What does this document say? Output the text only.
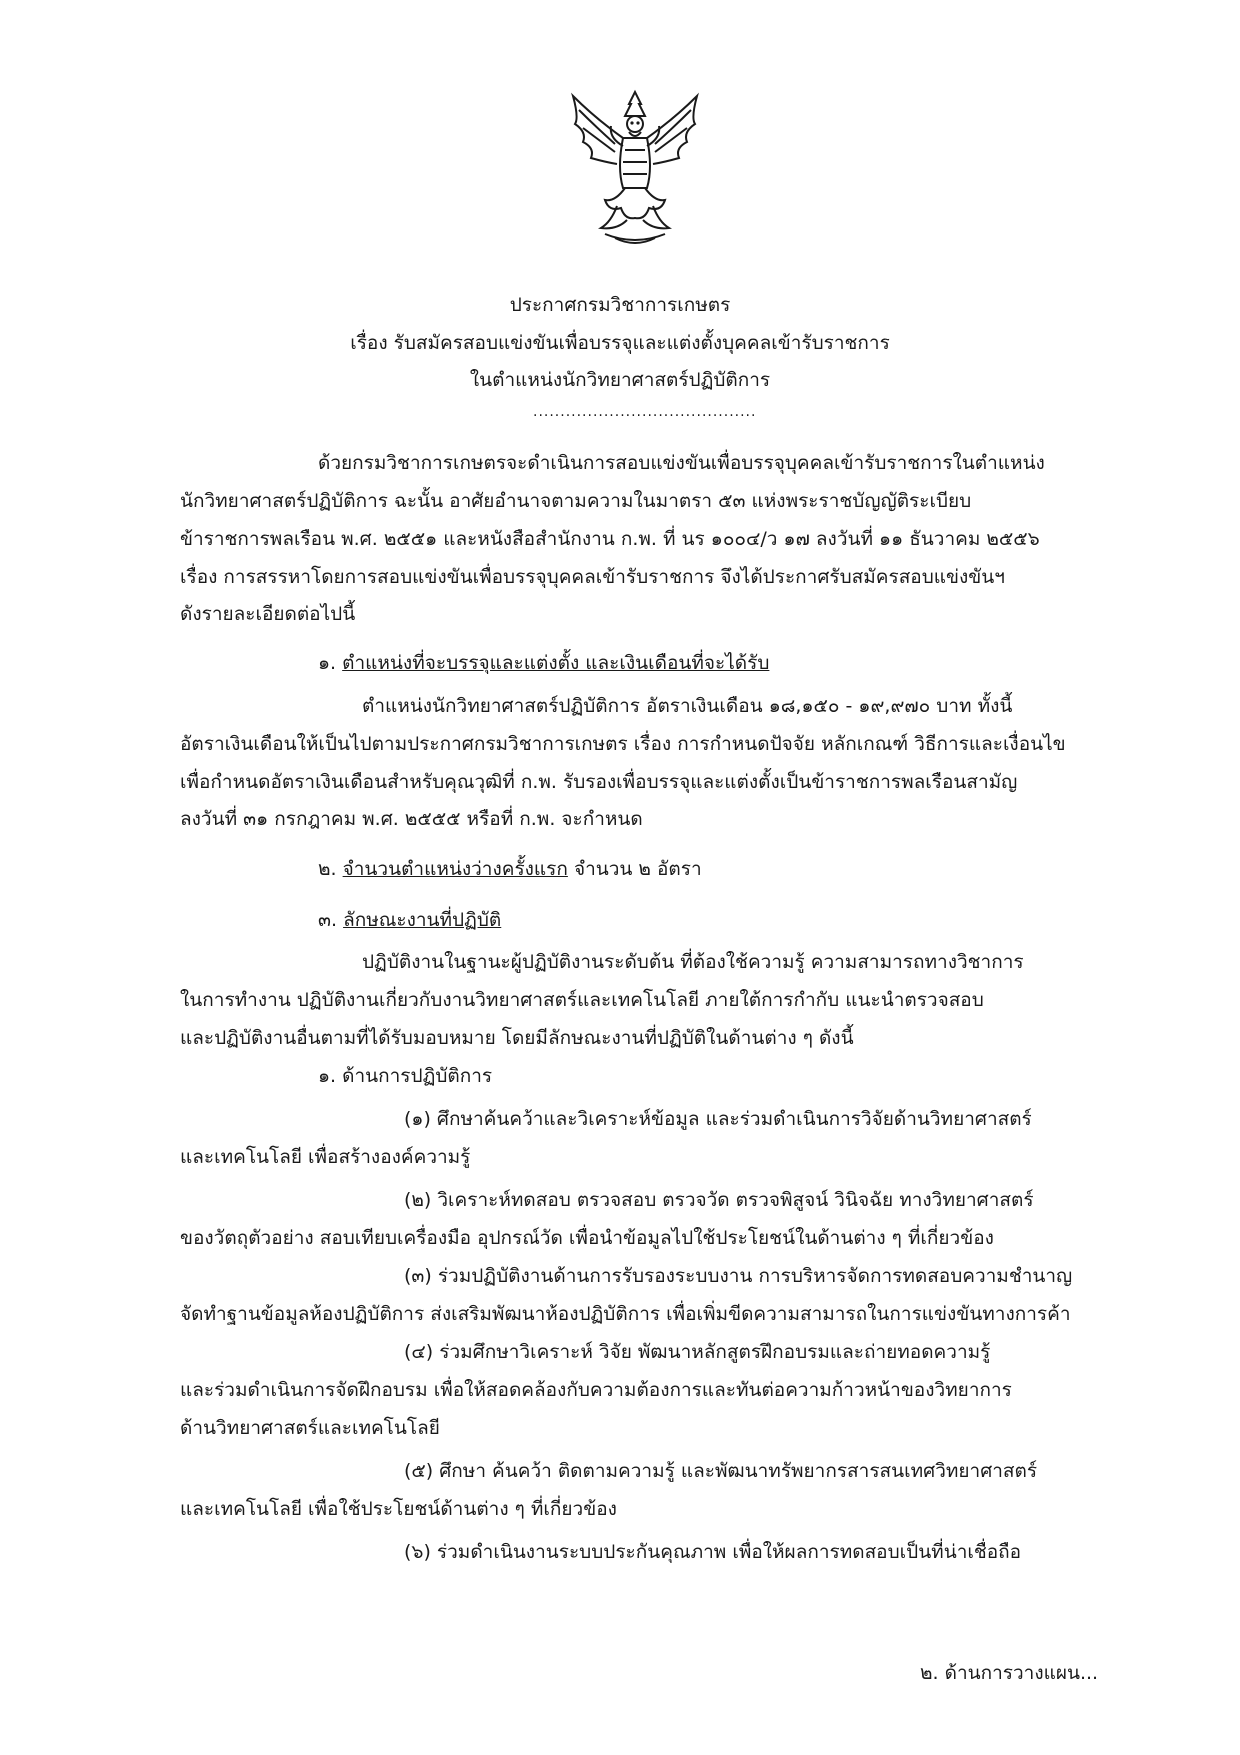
ประกาศกรมวิชาการเกษตร
เรื่อง รับสมัครสอบแข่งขันเพื่อบรรจุและแต่งตั้งบุคคลเข้ารับราชการ
ในตำแหน่งนักวิทยาศาสตร์ปฏิบัติการ
.........................................
ด้วยกรมวิชาการเกษตรจะดำเนินการสอบแข่งขันเพื่อบรรจุบุคคลเข้ารับราชการในตำแหน่ง
นักวิทยาศาสตร์ปฏิบัติการ ฉะนั้น อาศัยอำนาจตามความในมาตรา ๕๓ แห่งพระราชบัญญัติระเบียบ
ข้าราชการพลเรือน พ.ศ. ๒๕๕๑ และหนังสือสำนักงาน ก.พ. ที่ นร ๑๐๐๔/ว ๑๗ ลงวันที่ ๑๑ ธันวาคม ๒๕๕๖
เรื่อง การสรรหาโดยการสอบแข่งขันเพื่อบรรจุบุคคลเข้ารับราชการ จึงได้ประกาศรับสมัครสอบแข่งขันฯ
ดังรายละเอียดต่อไปนี้
๑. ตำแหน่งที่จะบรรจุและแต่งตั้ง และเงินเดือนที่จะได้รับ
ตำแหน่งนักวิทยาศาสตร์ปฏิบัติการ อัตราเงินเดือน ๑๘,๑๕๐ - ๑๙,๙๗๐ บาท ทั้งนี้
อัตราเงินเดือนให้เป็นไปตามประกาศกรมวิชาการเกษตร เรื่อง การกำหนดปัจจัย หลักเกณฑ์ วิธีการและเงื่อนไข
เพื่อกำหนดอัตราเงินเดือนสำหรับคุณวุฒิที่ ก.พ. รับรองเพื่อบรรจุและแต่งตั้งเป็นข้าราชการพลเรือนสามัญ
ลงวันที่ ๓๑ กรกฎาคม พ.ศ. ๒๕๕๕ หรือที่ ก.พ. จะกำหนด
๒. จำนวนตำแหน่งว่างครั้งแรก จำนวน ๒ อัตรา
๓. ลักษณะงานที่ปฏิบัติ
ปฏิบัติงานในฐานะผู้ปฏิบัติงานระดับต้น ที่ต้องใช้ความรู้ ความสามารถทางวิชาการ
ในการทำงาน ปฏิบัติงานเกี่ยวกับงานวิทยาศาสตร์และเทคโนโลยี ภายใต้การกำกับ แนะนำตรวจสอบ
และปฏิบัติงานอื่นตามที่ได้รับมอบหมาย โดยมีลักษณะงานที่ปฏิบัติในด้านต่าง ๆ ดังนี้
๑. ด้านการปฏิบัติการ
(๑) ศึกษาค้นคว้าและวิเคราะห์ข้อมูล และร่วมดำเนินการวิจัยด้านวิทยาศาสตร์
และเทคโนโลยี เพื่อสร้างองค์ความรู้
(๒) วิเคราะห์ทดสอบ ตรวจสอบ ตรวจวัด ตรวจพิสูจน์ วินิจฉัย ทางวิทยาศาสตร์
ของวัตถุตัวอย่าง สอบเทียบเครื่องมือ อุปกรณ์วัด เพื่อนำข้อมูลไปใช้ประโยชน์ในด้านต่าง ๆ ที่เกี่ยวข้อง
(๓) ร่วมปฏิบัติงานด้านการรับรองระบบงาน การบริหารจัดการทดสอบความชำนาญ
จัดทำฐานข้อมูลห้องปฏิบัติการ ส่งเสริมพัฒนาห้องปฏิบัติการ เพื่อเพิ่มขีดความสามารถในการแข่งขันทางการค้า
(๔) ร่วมศึกษาวิเคราะห์ วิจัย พัฒนาหลักสูตรฝึกอบรมและถ่ายทอดความรู้
และร่วมดำเนินการจัดฝึกอบรม เพื่อให้สอดคล้องกับความต้องการและทันต่อความก้าวหน้าของวิทยาการ
ด้านวิทยาศาสตร์และเทคโนโลยี
(๕) ศึกษา ค้นคว้า ติดตามความรู้ และพัฒนาทรัพยากรสารสนเทศวิทยาศาสตร์
และเทคโนโลยี เพื่อใช้ประโยชน์ด้านต่าง ๆ ที่เกี่ยวข้อง
(๖) ร่วมดำเนินงานระบบประกันคุณภาพ เพื่อให้ผลการทดสอบเป็นที่น่าเชื่อถือ
๒. ด้านการวางแผน...
